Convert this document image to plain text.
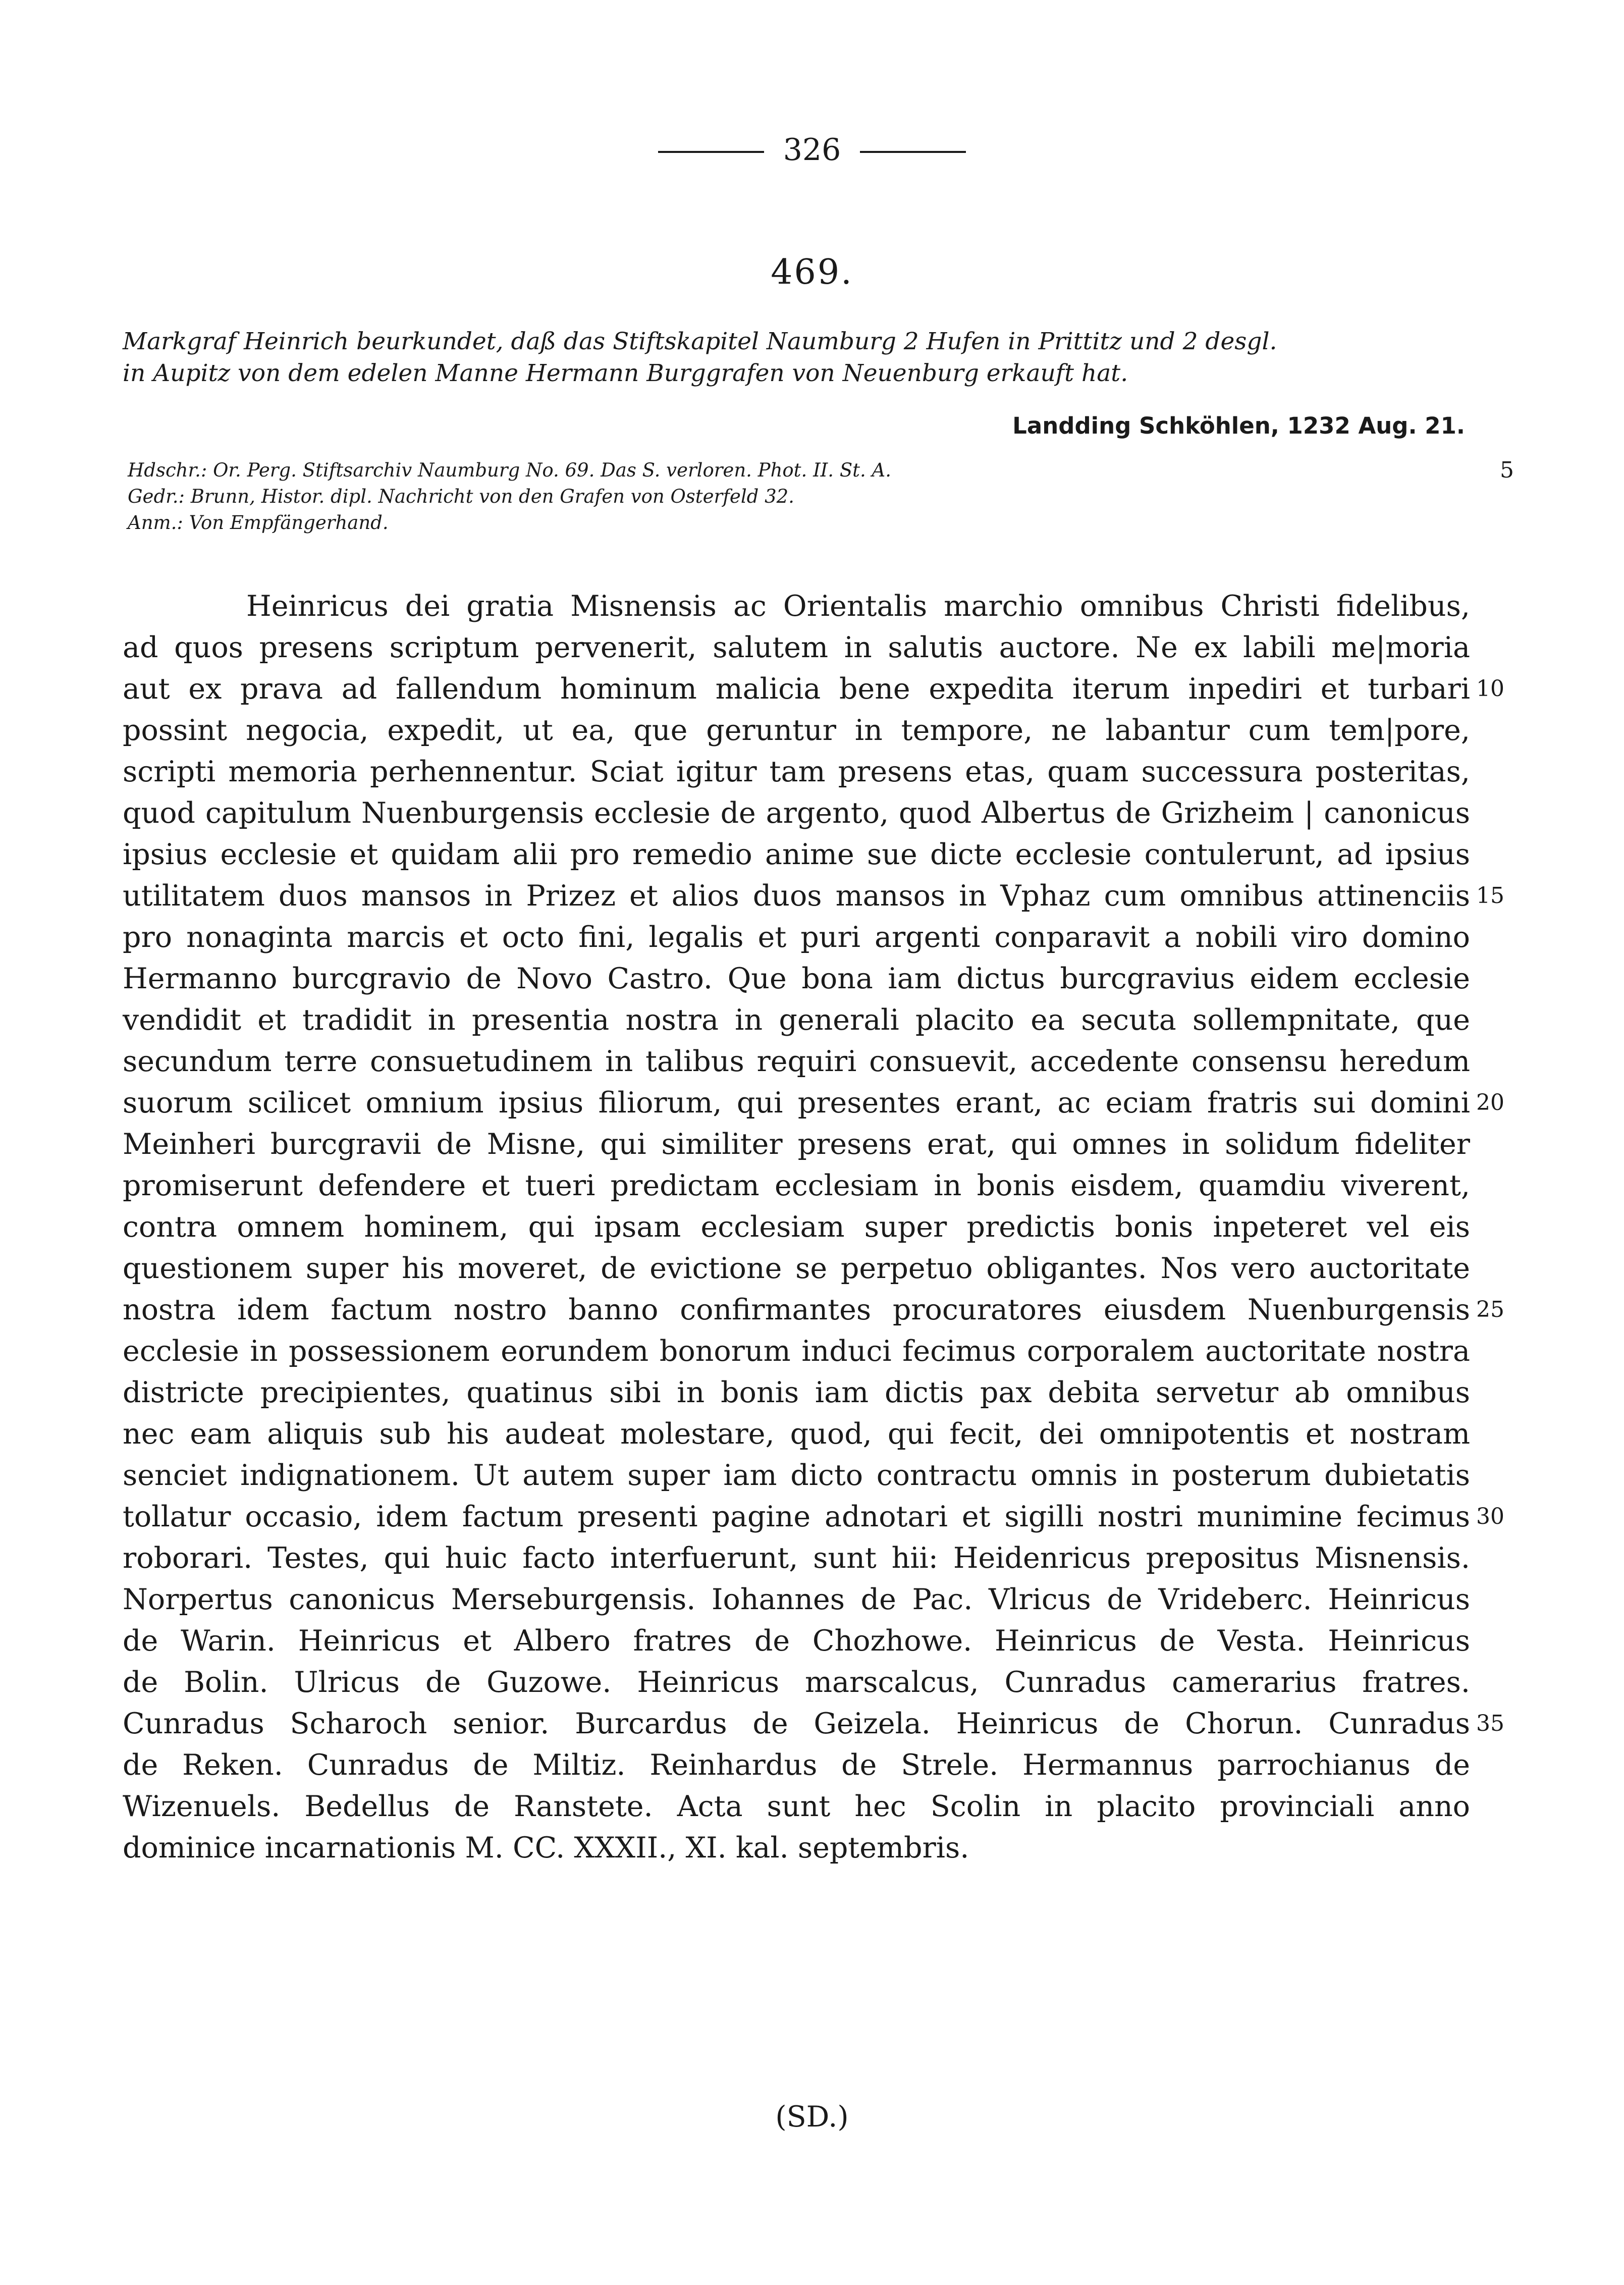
326
469.
Markgraf Heinrich beurkundet, daß das Stiftskapitel Naumburg 2 Hufen in Prittitz und 2 desgl.
in Aupitz von dem edelen Manne Hermann Burggrafen von Neuenburg erkauft hat.
Landding Schköhlen, 1232 Aug. 21.
Hdschr.: Or. Perg. Stiftsarchiv Naumburg No. 69. Das S. verloren. Phot. II. St. A.	5
Gedr.: Brunn, Histor. dipl. Nachricht von den Grafen von Osterfeld 32.
Anm.: Von Empfängerhand.
Heinricus dei gratia Misnensis ac Orientalis marchio omnibus Christi fidelibus,
ad quos presens scriptum pervenerit, salutem in salutis auctore. Ne ex labili me|moria
aut ex prava ad fallendum hominum malicia bene expedita iterum inpediri et turbari 10
possint negocia, expedit, ut ea, que geruntur in tempore, ne labantur cum tem|pore,
scripti memoria perhennentur. Sciat igitur tam presens etas, quam successura posteritas,
quod capitulum Nuenburgensis ecclesie de argento, quod Albertus de Grizheim | canonicus
ipsius ecclesie et quidam alii pro remedio anime sue dicte ecclesie contulerunt, ad ipsius
utilitatem duos mansos in Prizez et alios duos mansos in Vphaz cum omnibus attinenciis 15
pro nonaginta marcis et octo fini, legalis et puri argenti conparavit a nobili viro domino
Hermanno burcgravio de Novo Castro. Que bona iam dictus burcgravius eidem ecclesie
vendidit et tradidit in presentia nostra in generali placito ea secuta sollempnitate, que
secundum terre consuetudinem in talibus requiri consuevit, accedente consensu heredum
suorum scilicet omnium ipsius filiorum, qui presentes erant, ac eciam fratris sui domini 20
Meinheri burcgravii de Misne, qui similiter presens erat, qui omnes in solidum fideliter
promiserunt defendere et tueri predictam ecclesiam in bonis eisdem, quamdiu viverent,
contra omnem hominem, qui ipsam ecclesiam super predictis bonis inpeteret vel eis
questionem super his moveret, de evictione se perpetuo obligantes. Nos vero auctoritate
nostra idem factum nostro banno confirmantes procuratores eiusdem Nuenburgensis 25
ecclesie in possessionem eorundem bonorum induci fecimus corporalem auctoritate nostra
districte precipientes, quatinus sibi in bonis iam dictis pax debita servetur ab omnibus
nec eam aliquis sub his audeat molestare, quod, qui fecit, dei omnipotentis et nostram
senciet indignationem. Ut autem super iam dicto contractu omnis in posterum dubietatis
tollatur occasio, idem factum presenti pagine adnotari et sigilli nostri munimine fecimus 30
roborari. Testes, qui huic facto interfuerunt, sunt hii: Heidenricus prepositus Misnensis.
Norpertus canonicus Merseburgensis. Iohannes de Pac. Vlricus de Vrideberc. Heinricus
de Warin. Heinricus et Albero fratres de Chozhowe. Heinricus de Vesta. Heinricus
de Bolin. Ulricus de Guzowe. Heinricus marscalcus, Cunradus camerarius fratres.
Cunradus Scharoch senior. Burcardus de Geizela. Heinricus de Chorun. Cunradus 35
de Reken. Cunradus de Miltiz. Reinhardus de Strele. Hermannus parrochianus de
Wizenuels. Bedellus de Ranstete. Acta sunt hec Scolin in placito provinciali anno
dominice incarnationis M. CC. XXXII., XI. kal. septembris.
(SD.)
